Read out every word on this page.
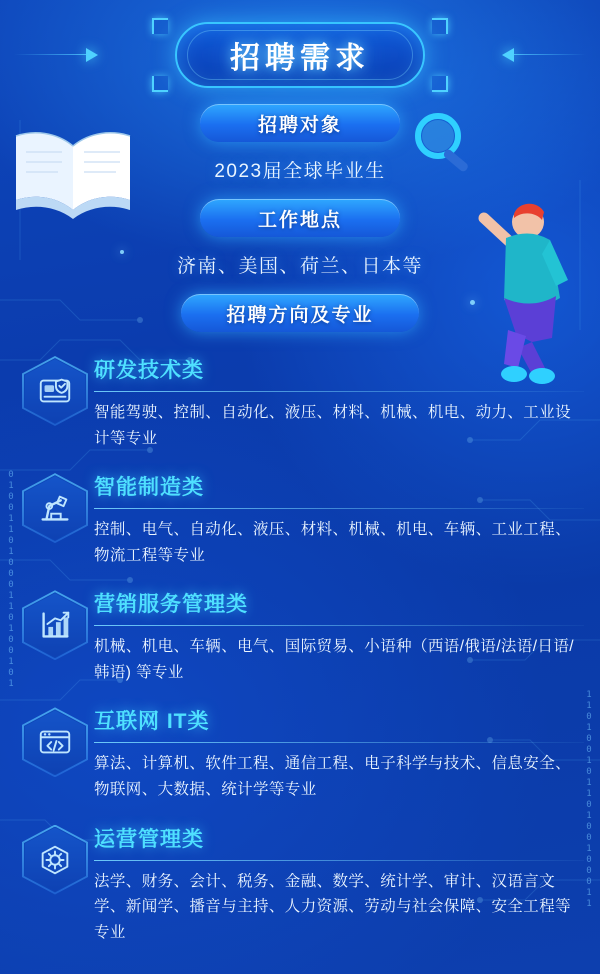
01001101000110100101
11010010110100100011
招聘需求
招聘对象
2023届全球毕业生
工作地点
济南、美国、荷兰、日本等
招聘方向及专业
研发技术类
智能驾驶、控制、自动化、液压、材料、机械、机电、动力、工业设计等专业
智能制造类
控制、电气、自动化、液压、材料、机械、机电、车辆、工业工程、物流工程等专业
营销服务管理类
机械、机电、车辆、电气、国际贸易、小语种（西语/俄语/法语/日语/韩语) 等专业
互联网 IT类
算法、计算机、软件工程、通信工程、电子科学与技术、信息安全、物联网、大数据、统计学等专业
运营管理类
法学、财务、会计、税务、金融、数学、统计学、审计、汉语言文学、新闻学、播音与主持、人力资源、劳动与社会保障、安全工程等专业
